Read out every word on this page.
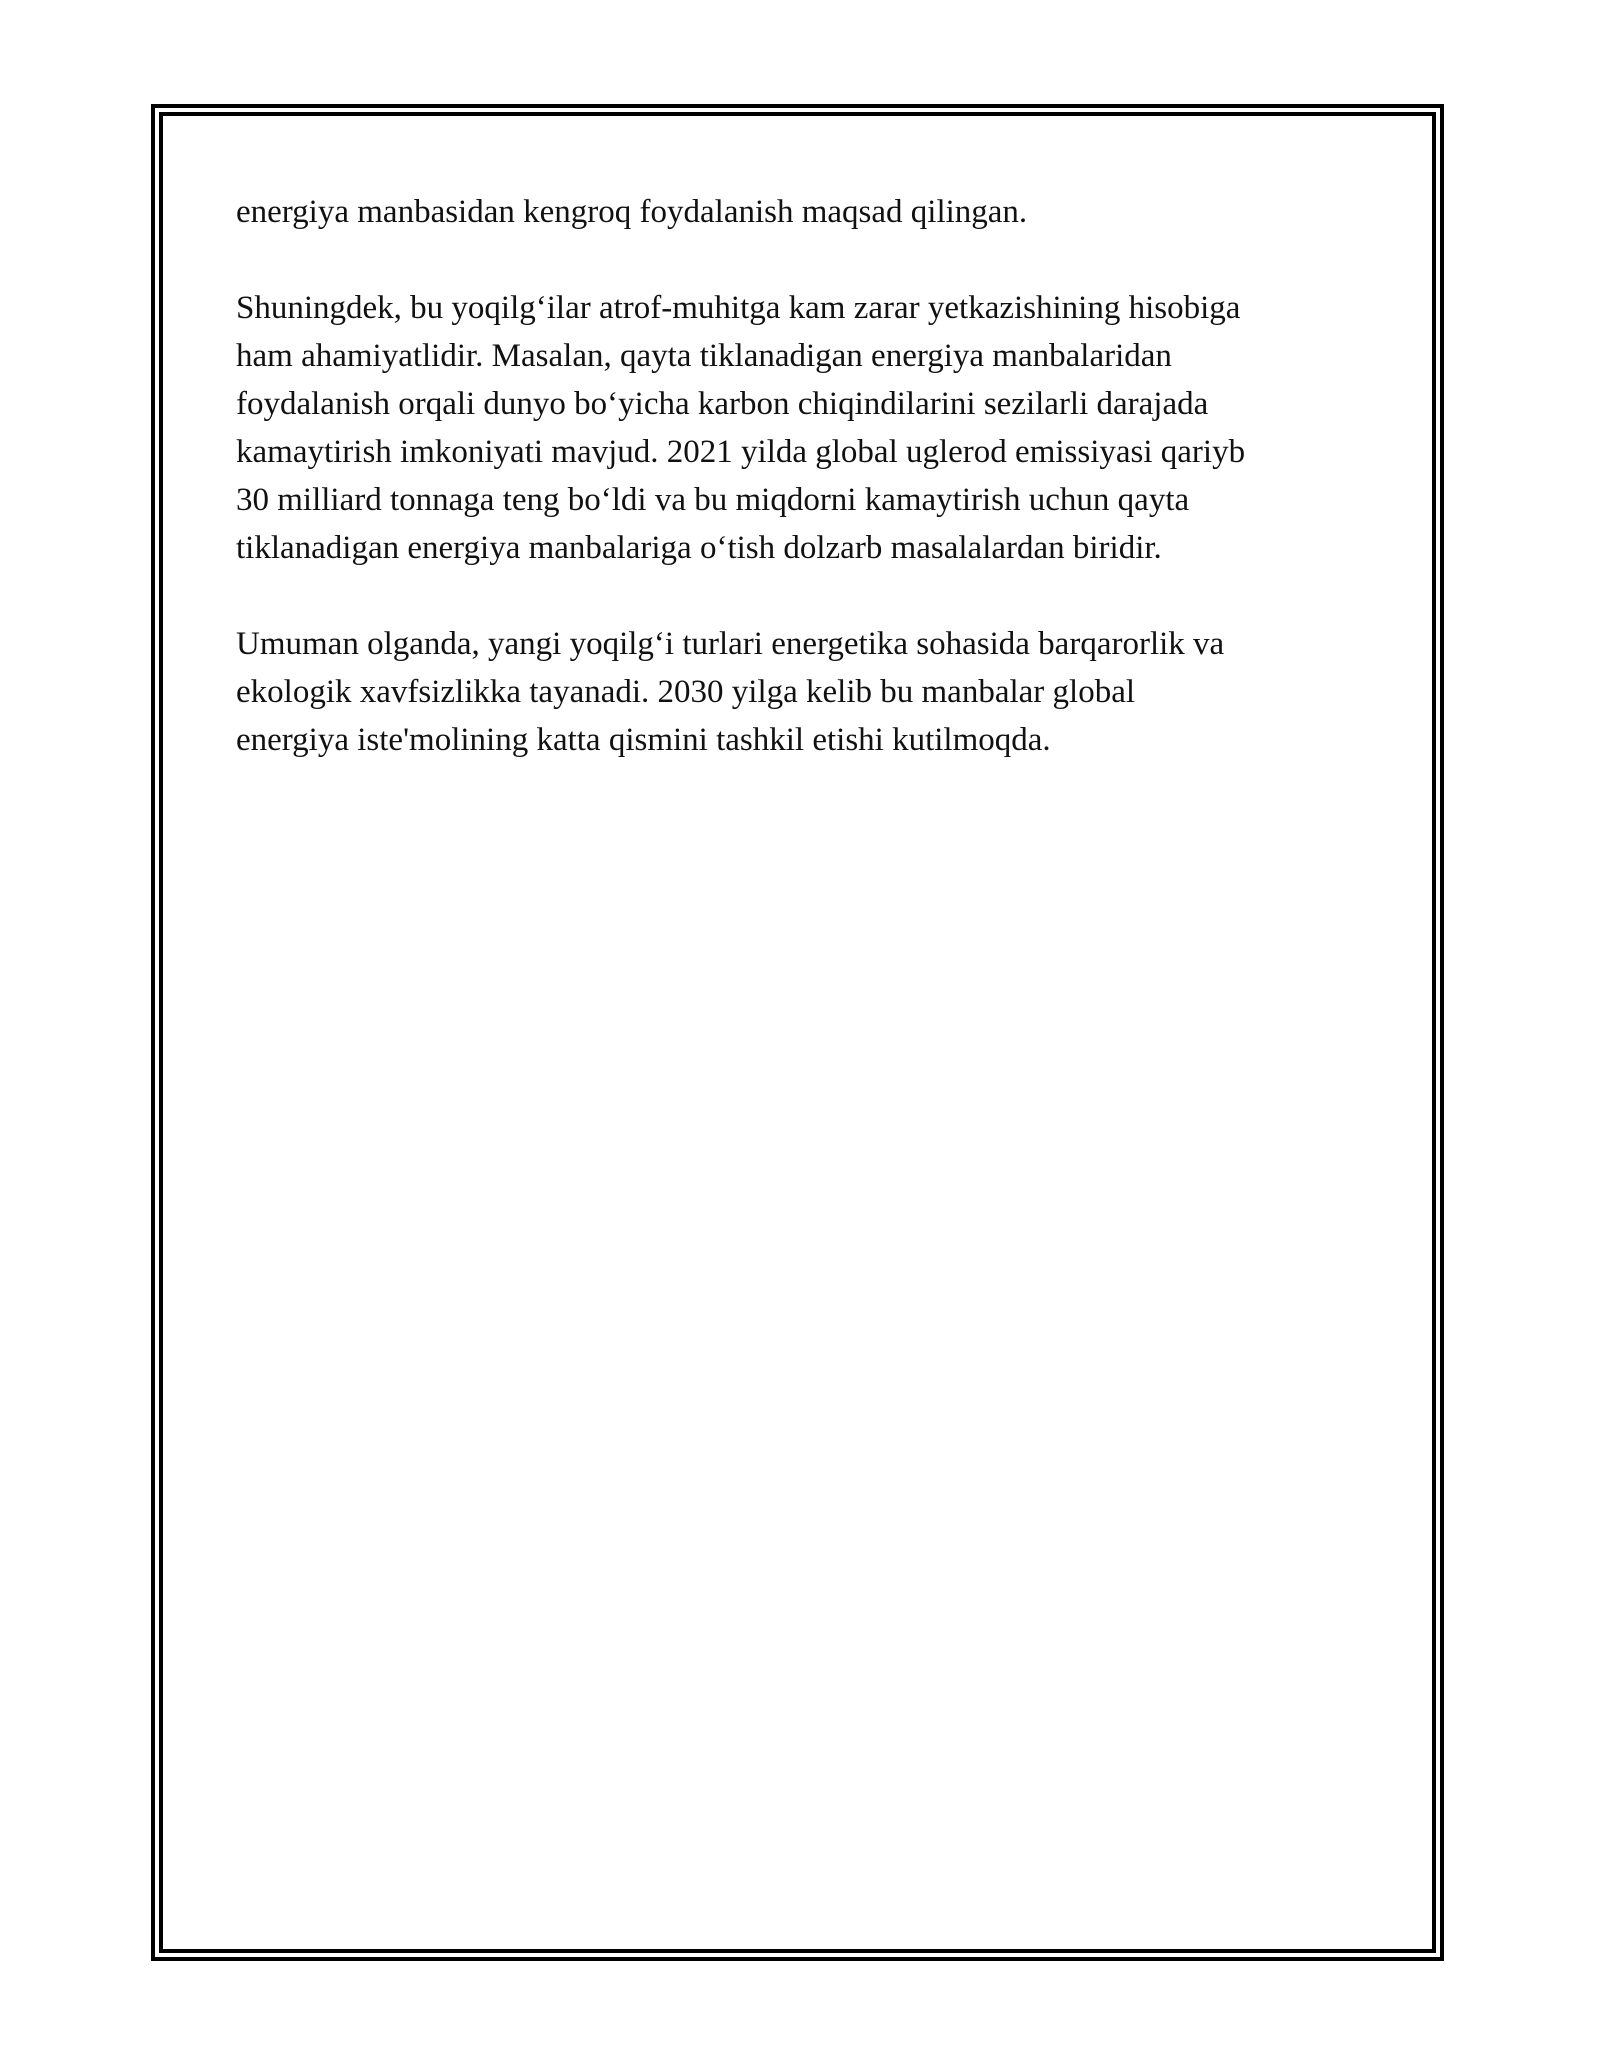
energiya manbasidan kengroq foydalanish maqsad qilingan.

Shuningdek, bu yoqilg‘ilar atrof-muhitga kam zarar yetkazishining hisobiga
ham ahamiyatlidir. Masalan, qayta tiklanadigan energiya manbalaridan
foydalanish orqali dunyo bo‘yicha karbon chiqindilarini sezilarli darajada
kamaytirish imkoniyati mavjud. 2021 yilda global uglerod emissiyasi qariyb
30 milliard tonnaga teng bo‘ldi va bu miqdorni kamaytirish uchun qayta
tiklanadigan energiya manbalariga o‘tish dolzarb masalalardan biridir.

Umuman olganda, yangi yoqilg‘i turlari energetika sohasida barqarorlik va
ekologik xavfsizlikka tayanadi. 2030 yilga kelib bu manbalar global
energiya iste'molining katta qismini tashkil etishi kutilmoqda.
